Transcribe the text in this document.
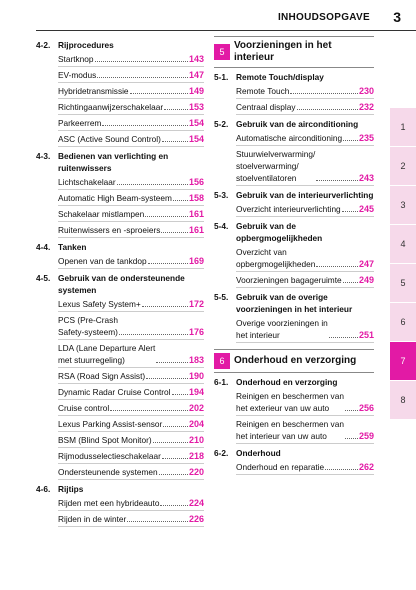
INHOUDSOPGAVE 3
4-2. Rijprocedures
Startknop	143
EV-modus	147
Hybridetransmissie	149
Richtingaanwijzerschakelaar	153
Parkeerrem	154
ASC (Active Sound Control)	154
4-3. Bedienen van verlichting en ruitenwissers
Lichtschakelaar	156
Automatic High Beam-systeem 158
Schakelaar mistlampen	161
Ruitenwissers en -sproeiers	161
4-4. Tanken
Openen van de tankdop	169
4-5. Gebruik van de ondersteunende systemen
Lexus Safety System+	172
PCS (Pre-Crash
Safety-systeem)	176
LDA (Lane Departure Alert
met stuurregeling)	183
RSA (Road Sign Assist)	190
Dynamic Radar Cruise Control 194
Cruise control	202
Lexus Parking Assist-sensor	204
BSM (Blind Spot Monitor)	210
Rijmodusselectieschakelaar	218
Ondersteunende systemen	220
4-6. Rijtips
Rijden met een hybrideauto	224
Rijden in de winter	226
5
Voorzieningen in het interieur
5-1. Remote Touch/display
Remote Touch	230
Centraal display	232
5-2. Gebruik van de airconditioning
Automatische airconditioning 235
Stuurwielverwarming/
stoelverwarming/
stoelventilatoren	243
5-3. Gebruik van de interieurverlichting
Overzicht interieurverlichting 245
5-4. Gebruik van de opbergmogelijkheden
Overzicht van
opbergmogelijkheden	247
Voorzieningen bagageruimte 249
5-5. Gebruik van de overige voorzieningen in het interieur
Overige voorzieningen in
het interieur	251
6 Onderhoud en verzorging
6-1. Onderhoud en verzorging
Reinigen en beschermen van
het exterieur van uw auto	256
Reinigen en beschermen van
het interieur van uw auto	259
6-2. Onderhoud
Onderhoud en reparatie	262
1
2
3
4
5
6
7
8
